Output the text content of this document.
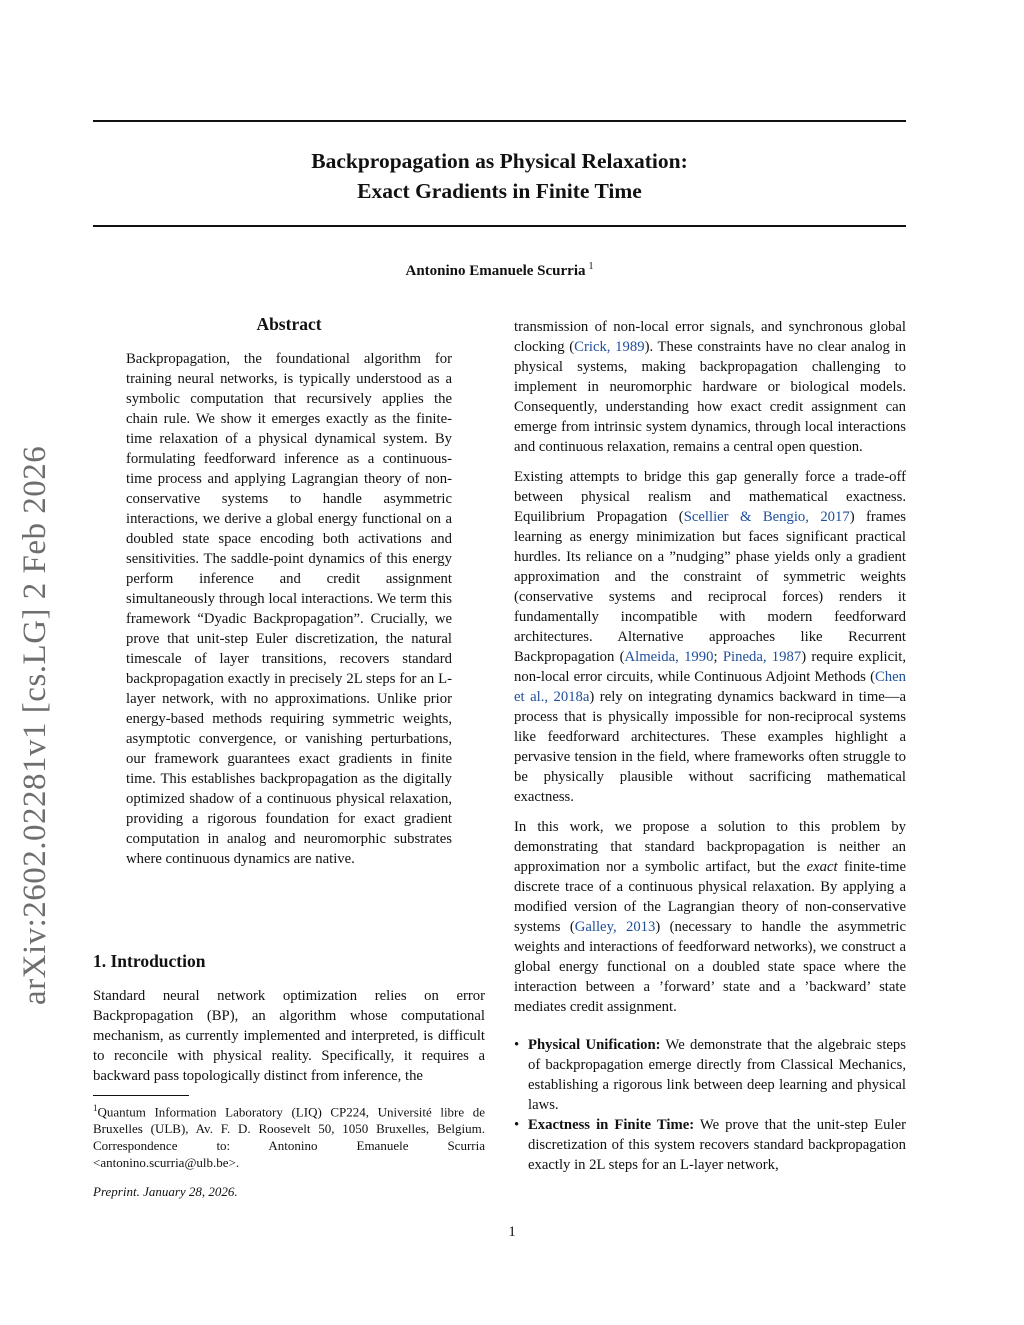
Backpropagation as Physical Relaxation:
Exact Gradients in Finite Time
Antonino Emanuele Scurria $^1$
arXiv:2602.02281v1 [cs.LG] 2 Feb 2026
Abstract
Backpropagation, the foundational algorithm for training neural networks, is typically understood as a symbolic computation that recursively applies the chain rule. We show it emerges exactly as the finite-time relaxation of a physical dynamical system. By formulating feedforward inference as a continuous-time process and applying Lagrangian theory of non-conservative systems to handle asymmetric interactions, we derive a global energy functional on a doubled state space encoding both activations and sensitivities. The saddle-point dynamics of this energy perform inference and credit assignment simultaneously through local interactions. We term this framework “Dyadic Backpropagation”. Crucially, we prove that unit-step Euler discretization, the natural timescale of layer transitions, recovers standard backpropagation exactly in precisely 2L steps for an L-layer network, with no approximations. Unlike prior energy-based methods requiring symmetric weights, asymptotic convergence, or vanishing perturbations, our framework guarantees exact gradients in finite time. This establishes backpropagation as the digitally optimized shadow of a continuous physical relaxation, providing a rigorous foundation for exact gradient computation in analog and neuromorphic substrates where continuous dynamics are native.
1. Introduction
Standard neural network optimization relies on error Backpropagation (BP), an algorithm whose computational mechanism, as currently implemented and interpreted, is difficult to reconcile with physical reality. Specifically, it requires a backward pass topologically distinct from inference, the
$^1$Quantum Information Laboratory (LIQ) CP224, Université libre de Bruxelles (ULB), Av. F. D. Roosevelt 50, 1050 Bruxelles, Belgium. Correspondence to: Antonino Emanuele Scurria <antonino.scurria@ulb.be>.
Preprint. January 28, 2026.

transmission of non-local error signals, and synchronous global clocking (Crick, 1989). These constraints have no clear analog in physical systems, making backpropagation challenging to implement in neuromorphic hardware or biological models. Consequently, understanding how exact credit assignment can emerge from intrinsic system dynamics, through local interactions and continuous relaxation, remains a central open question.

Existing attempts to bridge this gap generally force a trade-off between physical realism and mathematical exactness. Equilibrium Propagation (Scellier & Bengio, 2017) frames learning as energy minimization but faces significant practical hurdles. Its reliance on a ”nudging” phase yields only a gradient approximation and the constraint of symmetric weights (conservative systems and reciprocal forces) renders it fundamentally incompatible with modern feedforward architectures. Alternative approaches like Recurrent Backpropagation (Almeida, 1990; Pineda, 1987) require explicit, non-local error circuits, while Continuous Adjoint Methods (Chen et al., 2018a) rely on integrating dynamics backward in time—a process that is physically impossible for non-reciprocal systems like feedforward architectures. These examples highlight a pervasive tension in the field, where frameworks often struggle to be physically plausible without sacrificing mathematical exactness.

In this work, we propose a solution to this problem by demonstrating that standard backpropagation is neither an approximation nor a symbolic artifact, but the exact finite-time discrete trace of a continuous physical relaxation. By applying a modified version of the Lagrangian theory of non-conservative systems (Galley, 2013) (necessary to handle the asymmetric weights and interactions of feedforward networks), we construct a global energy functional on a doubled state space where the interaction between a ’forward’ state and a ’backward’ state mediates credit assignment.

• Physical Unification: We demonstrate that the algebraic steps of backpropagation emerge directly from Classical Mechanics, establishing a rigorous link between deep learning and physical laws.
• Exactness in Finite Time: We prove that the unit-step Euler discretization of this system recovers standard backpropagation exactly in 2L steps for an L-layer network,
1
